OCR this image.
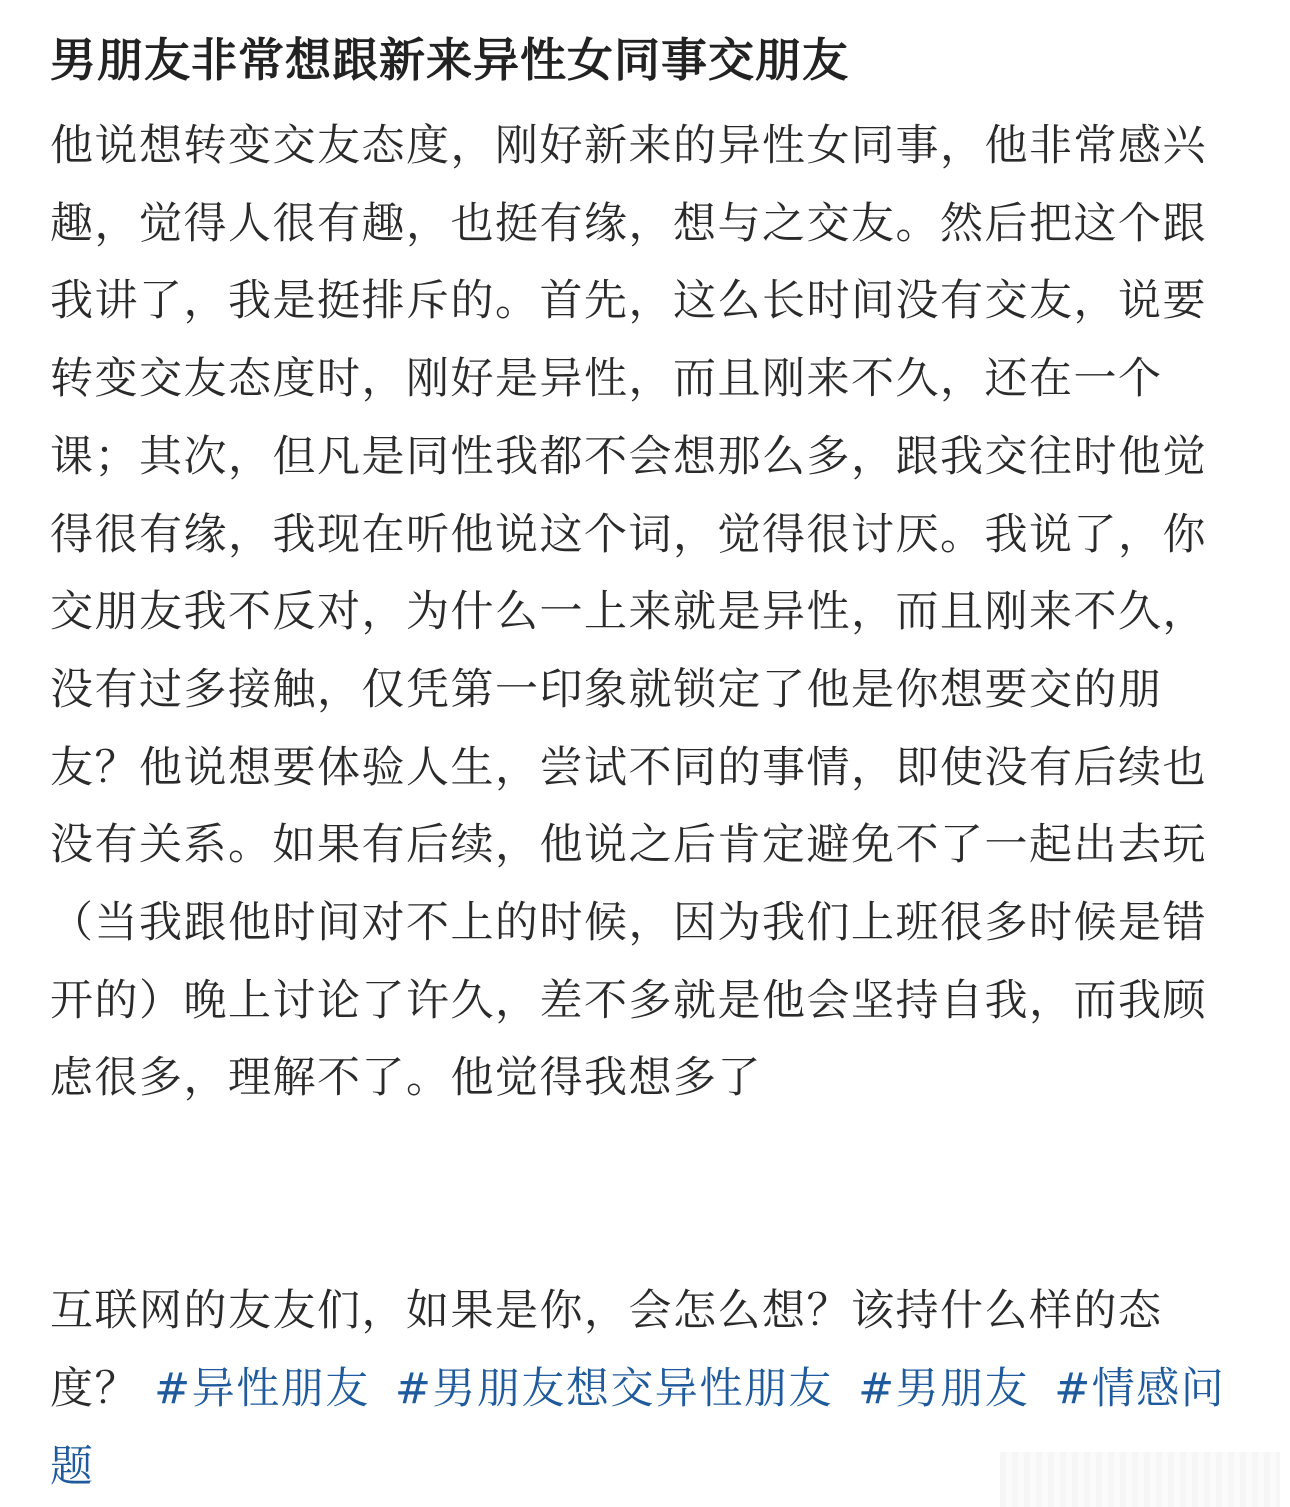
男朋友非常想跟新来异性女同事交朋友

他说想转变交友态度，刚好新来的异性女同事，他非常感兴趣，觉得人很有趣，也挺有缘，想与之交友。然后把这个跟我讲了，我是挺排斥的。首先，这么长时间没有交友，说要转变交友态度时，刚好是异性，而且刚来不久，还在一个课；其次，但凡是同性我都不会想那么多，跟我交往时他觉得很有缘，我现在听他说这个词，觉得很讨厌。我说了，你交朋友我不反对，为什么一上来就是异性，而且刚来不久，没有过多接触，仅凭第一印象就锁定了他是你想要交的朋友？他说想要体验人生，尝试不同的事情，即使没有后续也没有关系。如果有后续，他说之后肯定避免不了一起出去玩（当我跟他时间对不上的时候，因为我们上班很多时候是错开的）晚上讨论了许久，差不多就是他会坚持自我，而我顾虑很多，理解不了。他觉得我想多了

互联网的友友们，如果是你，会怎么想？该持什么样的态度？ #异性朋友 #男朋友想交异性朋友 #男朋友 #情感问题
